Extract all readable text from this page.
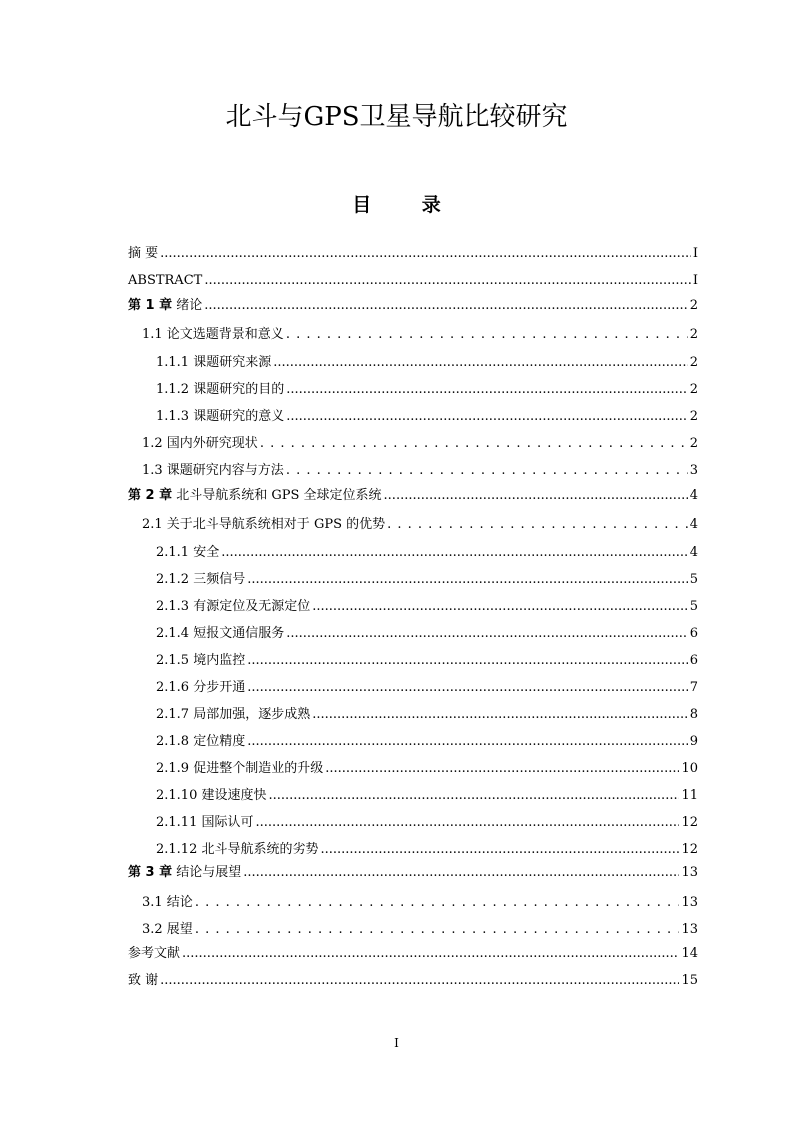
北斗与GPS卫星导航比较研究
目 录
摘 要 .....	I
ABSTRACT .....	I
第 1 章 绪论 .....	2
1.1 论文选题背景和意义 . . .	2
1.1.1 课题研究来源 .....	2
1.1.2 课题研究的目的 .....	2
1.1.3 课题研究的意义 .....	2
1.2 国内外研究现状 . . .	2
1.3 课题研究内容与方法 . . .	3
第 2 章 北斗导航系统和 GPS 全球定位系统 .....	4
2.1 关于北斗导航系统相对于 GPS 的优势 . . .	4
2.1.1 安全 .....	4
2.1.2 三频信号 .....	5
2.1.3 有源定位及无源定位 .....	5
2.1.4 短报文通信服务 .....	6
2.1.5 境内监控 .....	6
2.1.6 分步开通 .....	7
2.1.7 局部加强，逐步成熟 .....	8
2.1.8 定位精度 .....	9
2.1.9 促进整个制造业的升级 .....	10
2.1.10 建设速度快 .....	11
2.1.11 国际认可 .....	12
2.1.12 北斗导航系统的劣势 .....	12
第 3 章 结论与展望 .....	13
3.1 结论 . . .	13
3.2 展望 . . .	13
参考文献 .....	14
致 谢 .....	15
I
